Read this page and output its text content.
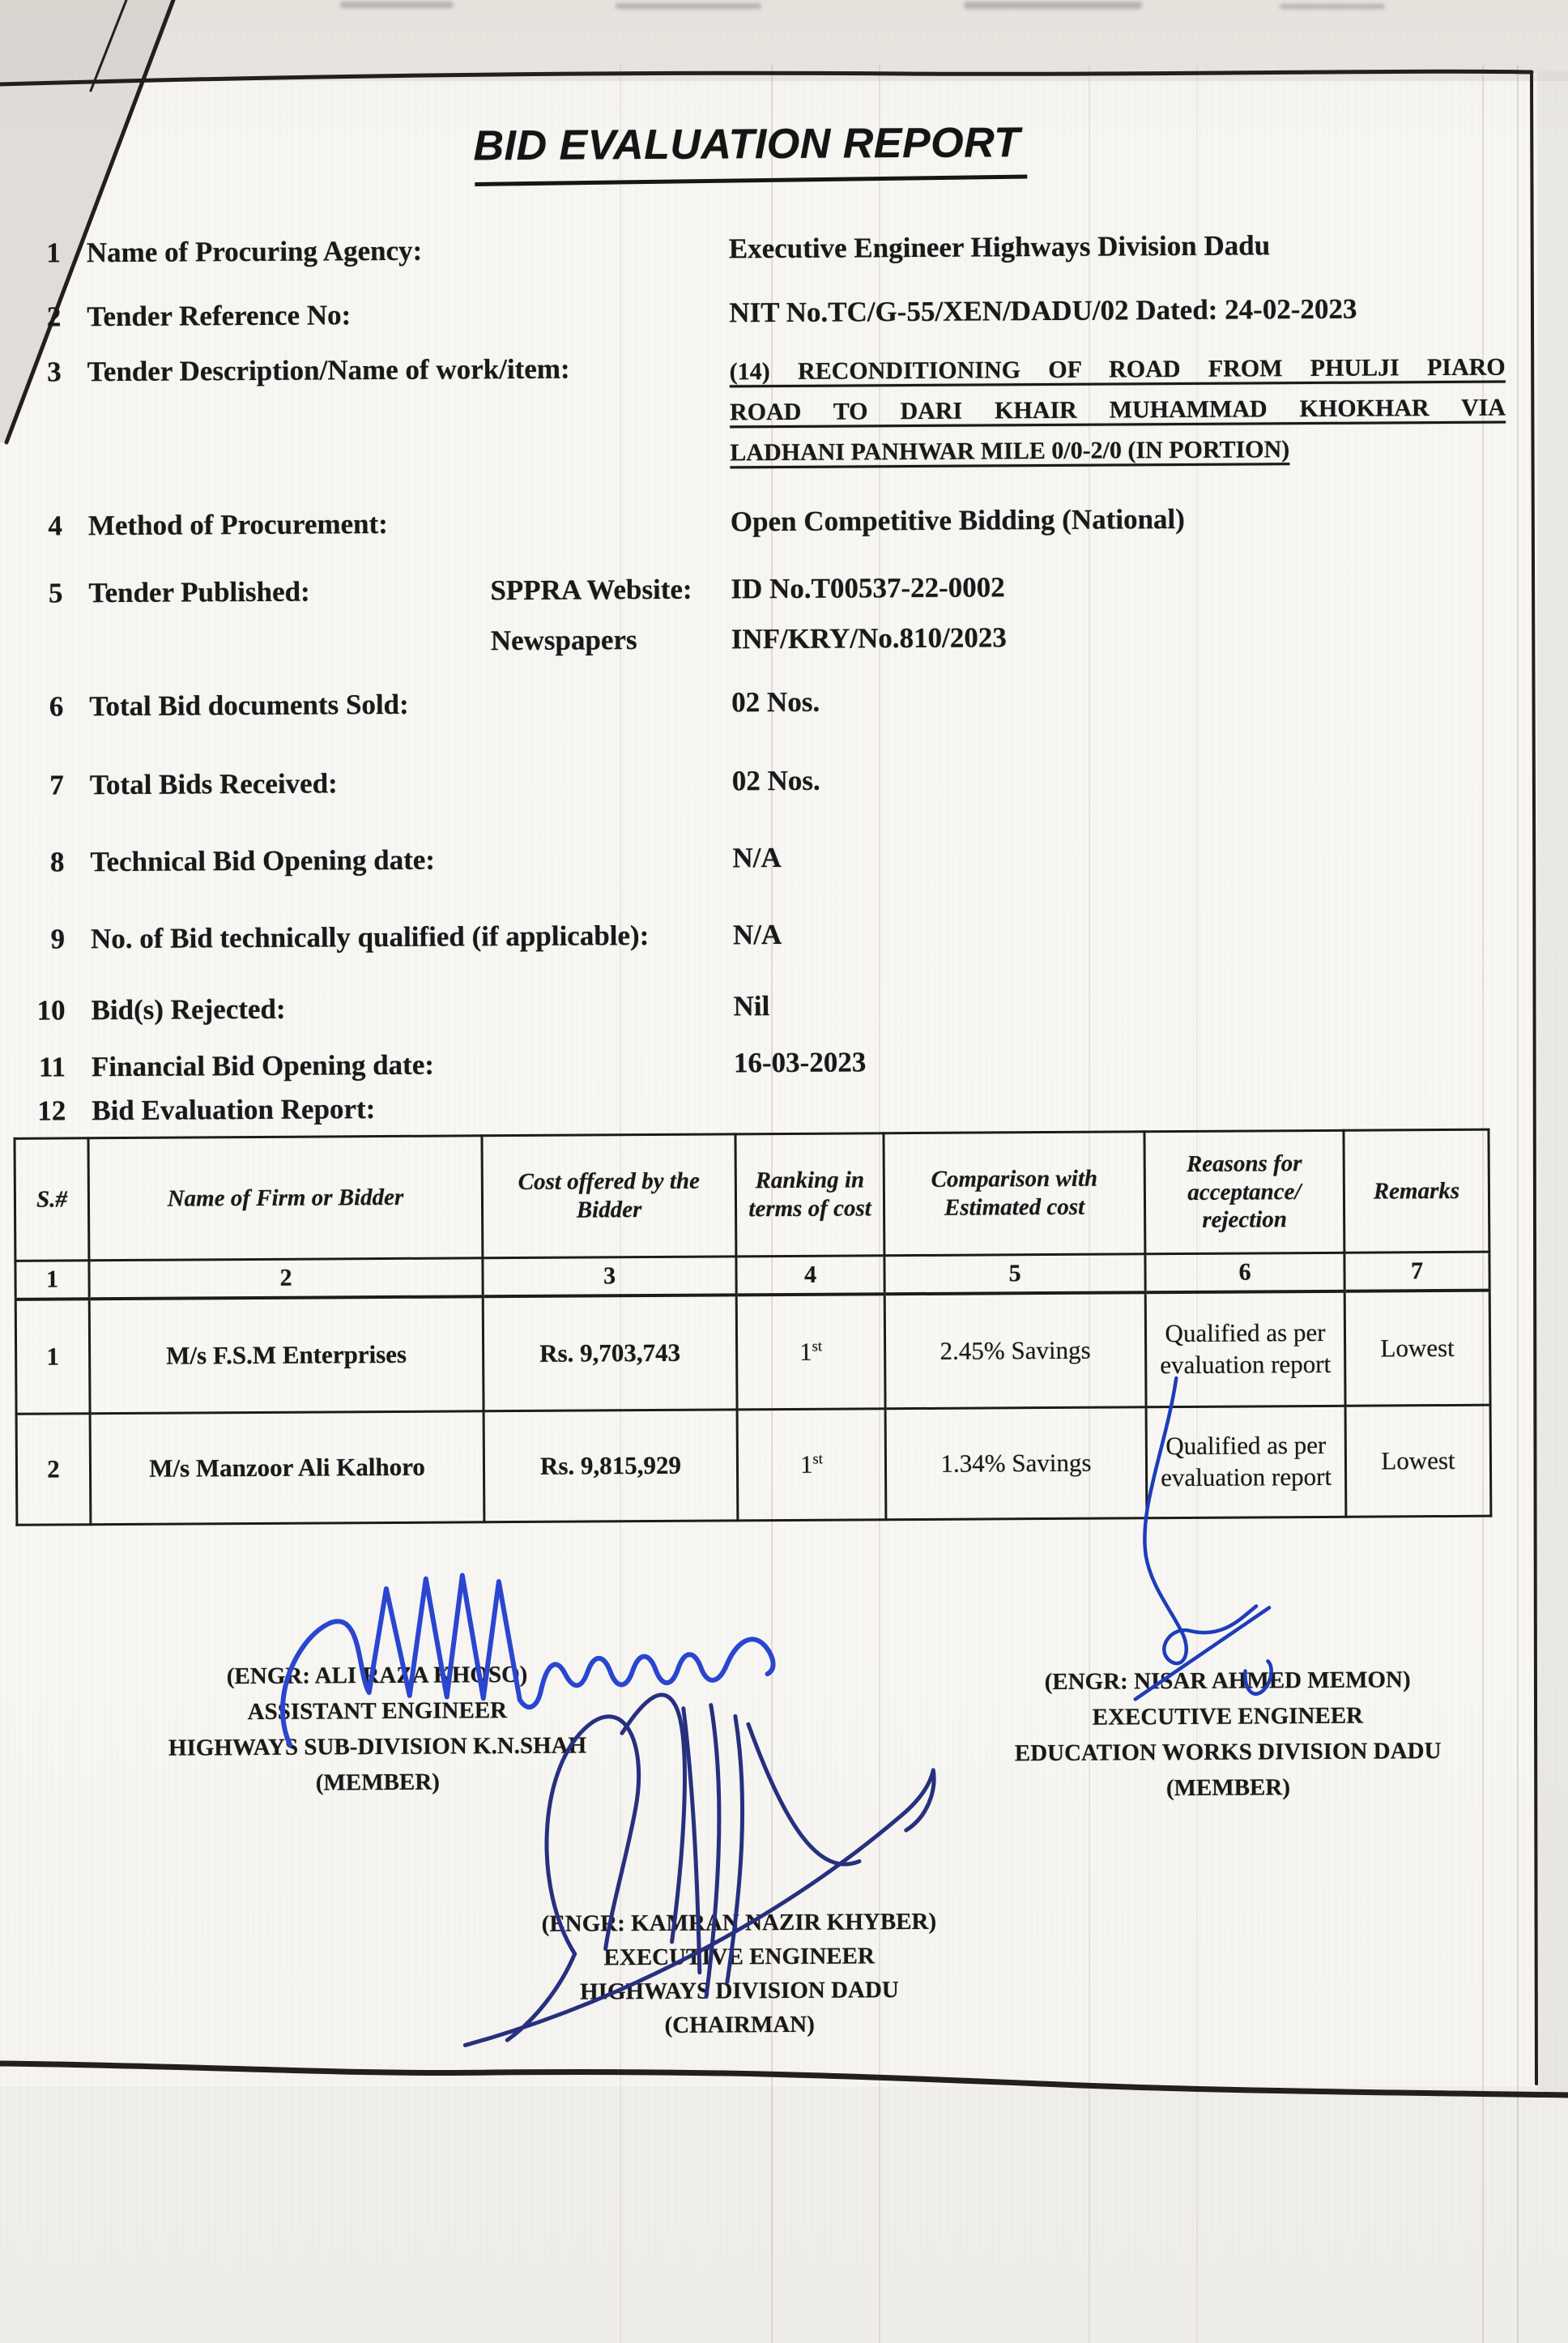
BID EVALUATION REPORT
1 Name of Procuring Agency:	Executive Engineer Highways Division Dadu
2 Tender Reference No:	NIT No.TC/G-55/XEN/DADU/02 Dated: 24-02-2023
3 Tender Description/Name of work/item:	(14) RECONDITIONING OF ROAD FROM PHULJI PIARO
ROAD TO DARI KHAIR MUHAMMAD KHOKHAR VIA
LADHANI PANHWAR MILE 0/0-2/0 (IN PORTION)
4 Method of Procurement:	Open Competitive Bidding (National)
5 Tender Published:	SPPRA Website: ID No.T00537-22-0002
Newspapers	INF/KRY/No.810/2023
6 Total Bid documents Sold:	02 Nos.
7 Total Bids Received:	02 Nos.
8 Technical Bid Opening date:	N/A
9 No. of Bid technically qualified (if applicable):	N/A
10 Bid(s) Rejected:	Nil
11 Financial Bid Opening date:	16-03-2023
12 Bid Evaluation Report:
S.#	Name of Firm or Bidder	Cost offered by the Bidder	Ranking in terms of cost	Comparison with Estimated cost	Reasons for acceptance/ rejection	Remarks
1	2	3	4	5	6	7
1	M/s F.S.M Enterprises	Rs. 9,703,743	1st	2.45% Savings	Qualified as per evaluation report	Lowest
2	M/s Manzoor Ali Kalhoro	Rs. 9,815,929	1st	1.34% Savings	Qualified as per evaluation report	Lowest
(ENGR: ALI RAZA KHOSO)
ASSISTANT ENGINEER
HIGHWAYS SUB-DIVISION K.N.SHAH
(MEMBER)
(ENGR: NISAR AHMED MEMON)
EXECUTIVE ENGINEER
EDUCATION WORKS DIVISION DADU
(MEMBER)
(ENGR: KAMRAN NAZIR KHYBER)
EXECUTIVE ENGINEER
HIGHWAYS DIVISION DADU
(CHAIRMAN)
